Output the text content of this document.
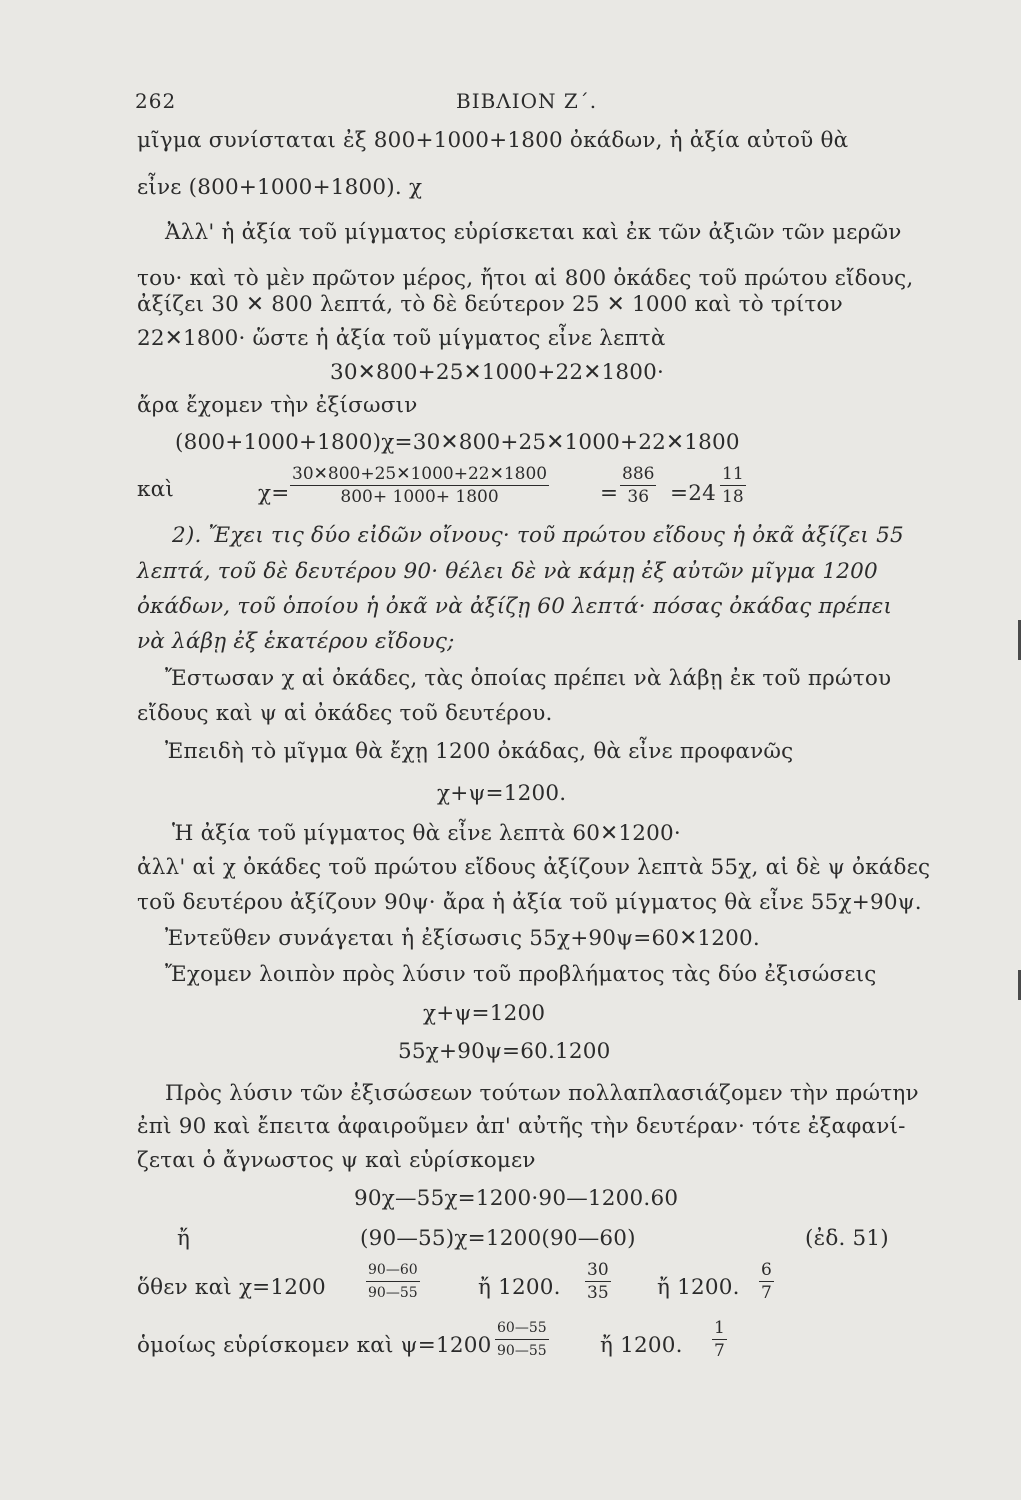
262	ΒΙΒΛΙΟΝ Ζ΄.
μῖγμα συνίσταται ἐξ 800+1000+1800 ὀκάδων, ἡ ἀξία αὐτοῦ θὰ
εἶνε (800+1000+1800). χ
Ἀλλ' ἡ ἀξία τοῦ μίγματος εὑρίσκεται καὶ ἐκ τῶν ἀξιῶν τῶν μερῶν
του· καὶ τὸ μὲν πρῶτον μέρος, ἤτοι αἱ 800 ὀκάδες τοῦ πρώτου εἴδους,
ἀξίζει 30 ✕ 800 λεπτά, τὸ δὲ δεύτερον 25 ✕ 1000 καὶ τὸ τρίτον
22✕1800· ὥστε ἡ ἀξία τοῦ μίγματος εἶνε λεπτὰ
30✕800+25✕1000+22✕1800·
ἄρα ἔχομεν τὴν ἐξίσωσιν
(800+1000+1800)χ=30✕800+25✕1000+22✕1800
καὶ	$\chi= \frac{30✕800+25✕1000+22✕1800}{800+ 1000+ 1800} = \frac{886}{36} =24 \frac{11}{18}$
2). Ἔχει τις δύο εἰδῶν οἴνους· τοῦ πρώτου εἴδους ἡ ὀκᾶ ἀξίζει 55
λεπτά, τοῦ δὲ δευτέρου 90· θέλει δὲ νὰ κάμῃ ἐξ αὐτῶν μῖγμα 1200
ὀκάδων, τοῦ ὁποίου ἡ ὀκᾶ νὰ ἀξίζῃ 60 λεπτά· πόσας ὀκάδας πρέπει
νὰ λάβῃ ἐξ ἑκατέρου εἴδους;
Ἔστωσαν χ αἱ ὀκάδες, τὰς ὁποίας πρέπει νὰ λάβῃ ἐκ τοῦ πρώτου
εἴδους καὶ ψ αἱ ὀκάδες τοῦ δευτέρου.
Ἐπειδὴ τὸ μῖγμα θὰ ἔχῃ 1200 ὀκάδας, θὰ εἶνε προφανῶς
χ+ψ=1200.
Ἡ ἀξία τοῦ μίγματος θὰ εἶνε λεπτὰ 60✕1200·
ἀλλ' αἱ χ ὀκάδες τοῦ πρώτου εἴδους ἀξίζουν λεπτὰ 55χ, αἱ δὲ ψ ὀκάδες
τοῦ δευτέρου ἀξίζουν 90ψ· ἄρα ἡ ἀξία τοῦ μίγματος θὰ εἶνε 55χ+90ψ.
Ἐντεῦθεν συνάγεται ἡ ἐξίσωσις 55χ+90ψ=60✕1200.
Ἔχομεν λοιπὸν πρὸς λύσιν τοῦ προβλήματος τὰς δύο ἐξισώσεις
χ+ψ=1200
55χ+90ψ=60.1200
Πρὸς λύσιν τῶν ἐξισώσεων τούτων πολλαπλασιάζομεν τὴν πρώτην
ἐπὶ 90 καὶ ἔπειτα ἀφαιροῦμεν ἀπ' αὐτῆς τὴν δευτέραν· τότε ἐξαφανί-
ζεται ὁ ἄγνωστος ψ καὶ εὑρίσκομεν
90χ—55χ=1200·90—1200.60
ἤ	(90—55)χ=1200(90—60)	(ἐδ. 51)
ὅθεν καὶ χ=1200	$\frac{90—60}{90—55}$	ἤ 1200. $\frac{30}{35}$ ἤ 1200. $\frac{6}{7}$
ὁμοίως εὑρίσκομεν καὶ $\psi=1200 \frac{60—55}{90—55}$ ἤ 1200. $\frac{1}{7}$
